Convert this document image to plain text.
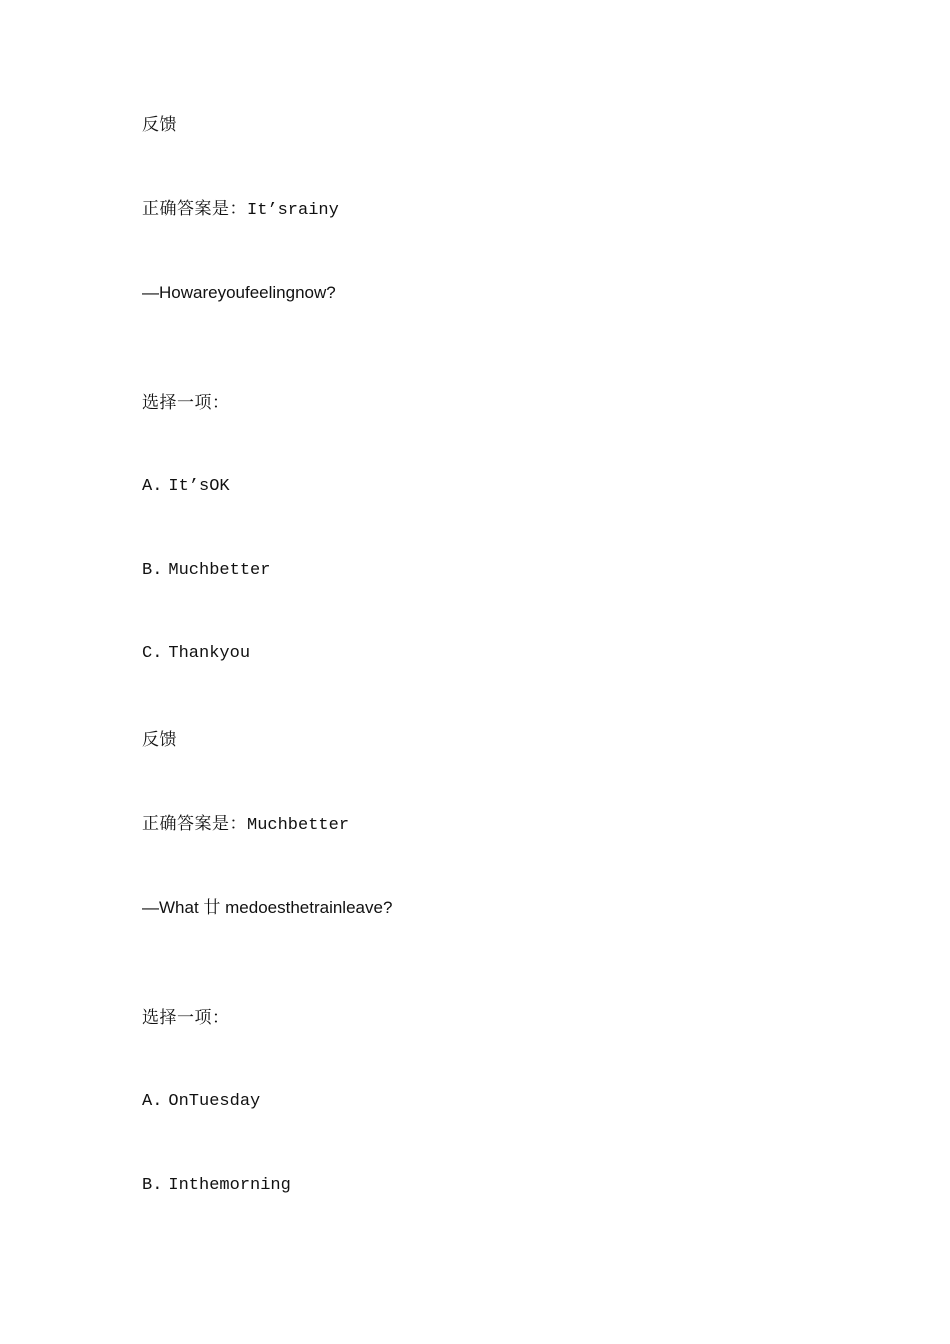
反馈
正确答案是：It’srainy
—Howareyoufeelingnow?
选择一项：
A. It’sOK
B. Muchbetter
C. Thankyou
反馈
正确答案是：Muchbetter
—What 廿 medoesthetrainleave?
选择一项：
A. OnTuesday
B. Inthemorning
